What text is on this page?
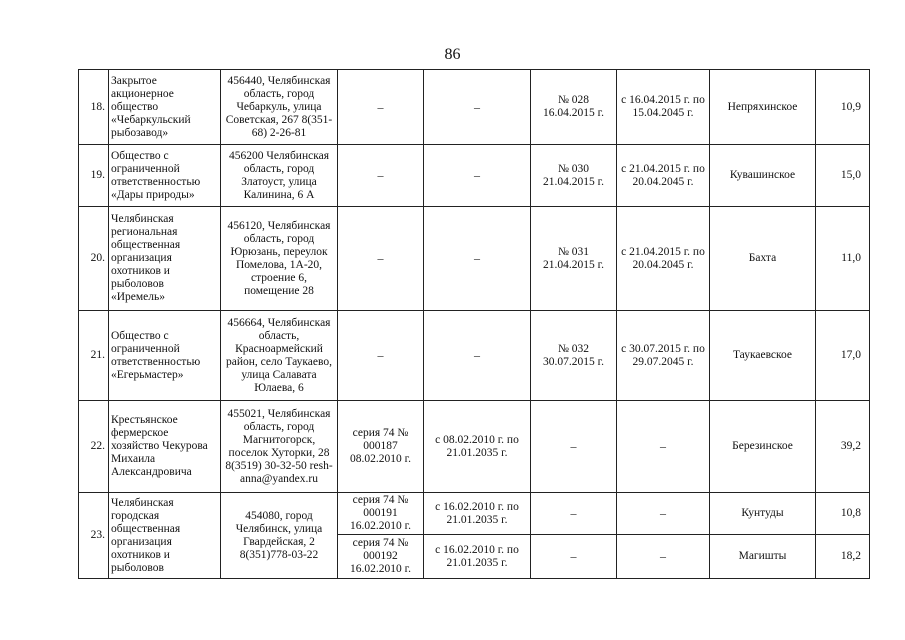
86
18.	Закрытое акционерное общество «Чебаркульский рыбозавод»	456440, Челябинская область, город Чебаркуль, улица Советская, 267 8(351-68) 2-26-81	–	–	№ 028 16.04.2015 г.	с 16.04.2015 г. по 15.04.2045 г.	Непряхинское	10,9
19.	Общество с ограниченной ответственностью «Дары природы»	456200 Челябинская область, город Златоуст, улица Калинина, 6 А	–	–	№ 030 21.04.2015 г.	с 21.04.2015 г. по 20.04.2045 г.	Кувашинское	15,0
20.	Челябинская региональная общественная организация охотников и рыболовов «Иремель»	456120, Челябинская область, город Юрюзань, переулок Помелова, 1А-20, строение 6, помещение 28	–	–	№ 031 21.04.2015 г.	с 21.04.2015 г. по 20.04.2045 г.	Бахта	11,0
21.	Общество с ограниченной ответственностью «Егерьмастер»	456664, Челябинская область, Красноармейский район, село Таукаево, улица Салавата Юлаева, 6	–	–	№ 032 30.07.2015 г.	с 30.07.2015 г. по 29.07.2045 г.	Таукаевское	17,0
22.	Крестьянское фермерское хозяйство Чекурова Михаила Александровича	455021, Челябинская область, город Магнитогорск, поселок Хуторки, 28 8(3519) 30-32-50 resh-anna@yandex.ru	серия 74 № 000187 08.02.2010 г.	с 08.02.2010 г. по 21.01.2035 г.	–	–	Березинское	39,2
23.	Челябинская городская общественная организация охотников и рыболовов	454080, город Челябинск, улица Гвардейская, 2 8(351)778-03-22	серия 74 № 000191 16.02.2010 г.	с 16.02.2010 г. по 21.01.2035 г.	–	–	Кунтуды	10,8
			серия 74 № 000192 16.02.2010 г.	с 16.02.2010 г. по 21.01.2035 г.	–	–	Магишты	18,2
